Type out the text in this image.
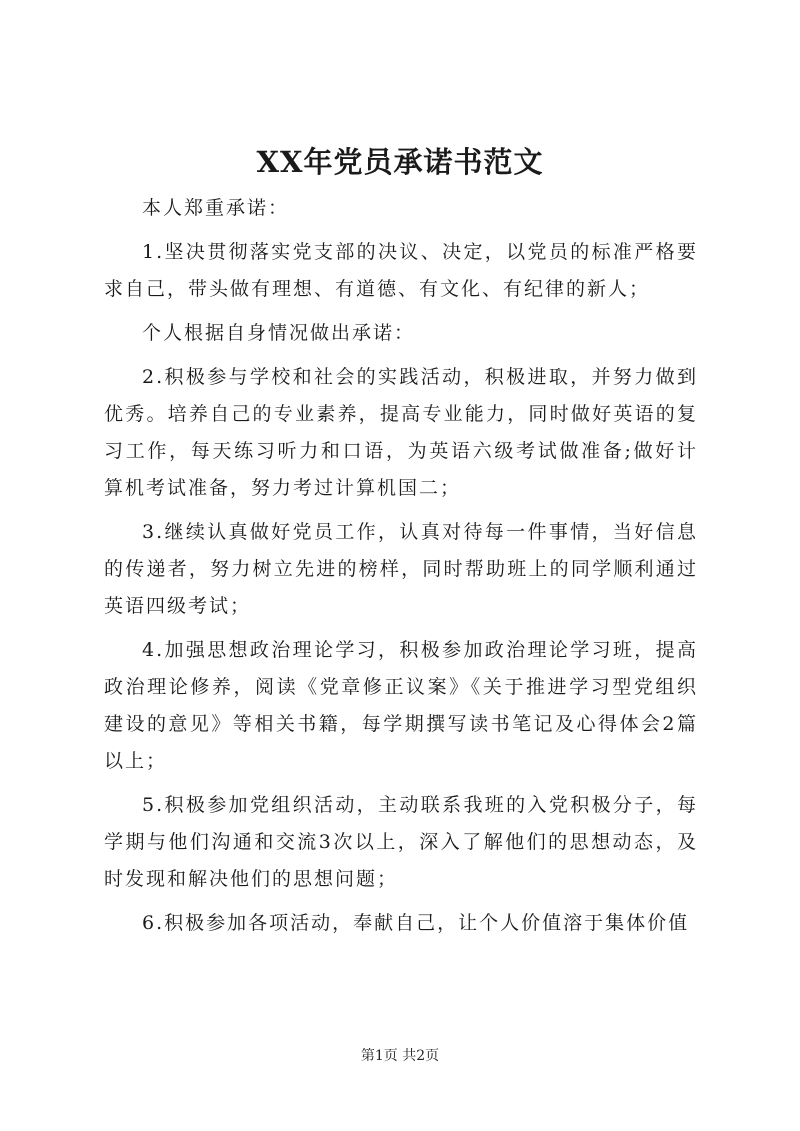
XX年党员承诺书范文

本人郑重承诺：

1.坚决贯彻落实党支部的决议、决定，以党员的标准严格要求自己，带头做有理想、有道德、有文化、有纪律的新人；

个人根据自身情况做出承诺：

2.积极参与学校和社会的实践活动，积极进取，并努力做到优秀。培养自己的专业素养，提高专业能力，同时做好英语的复习工作，每天练习听力和口语，为英语六级考试做准备;做好计算机考试准备，努力考过计算机国二；

3.继续认真做好党员工作，认真对待每一件事情，当好信息的传递者，努力树立先进的榜样，同时帮助班上的同学顺利通过英语四级考试；

4.加强思想政治理论学习，积极参加政治理论学习班，提高政治理论修养，阅读《党章修正议案》《关于推进学习型党组织建设的意见》等相关书籍，每学期撰写读书笔记及心得体会2篇以上；

5.积极参加党组织活动，主动联系我班的入党积极分子，每学期与他们沟通和交流3次以上，深入了解他们的思想动态，及时发现和解决他们的思想问题；

6.积极参加各项活动，奉献自己，让个人价值溶于集体价值

第1页 共2页
